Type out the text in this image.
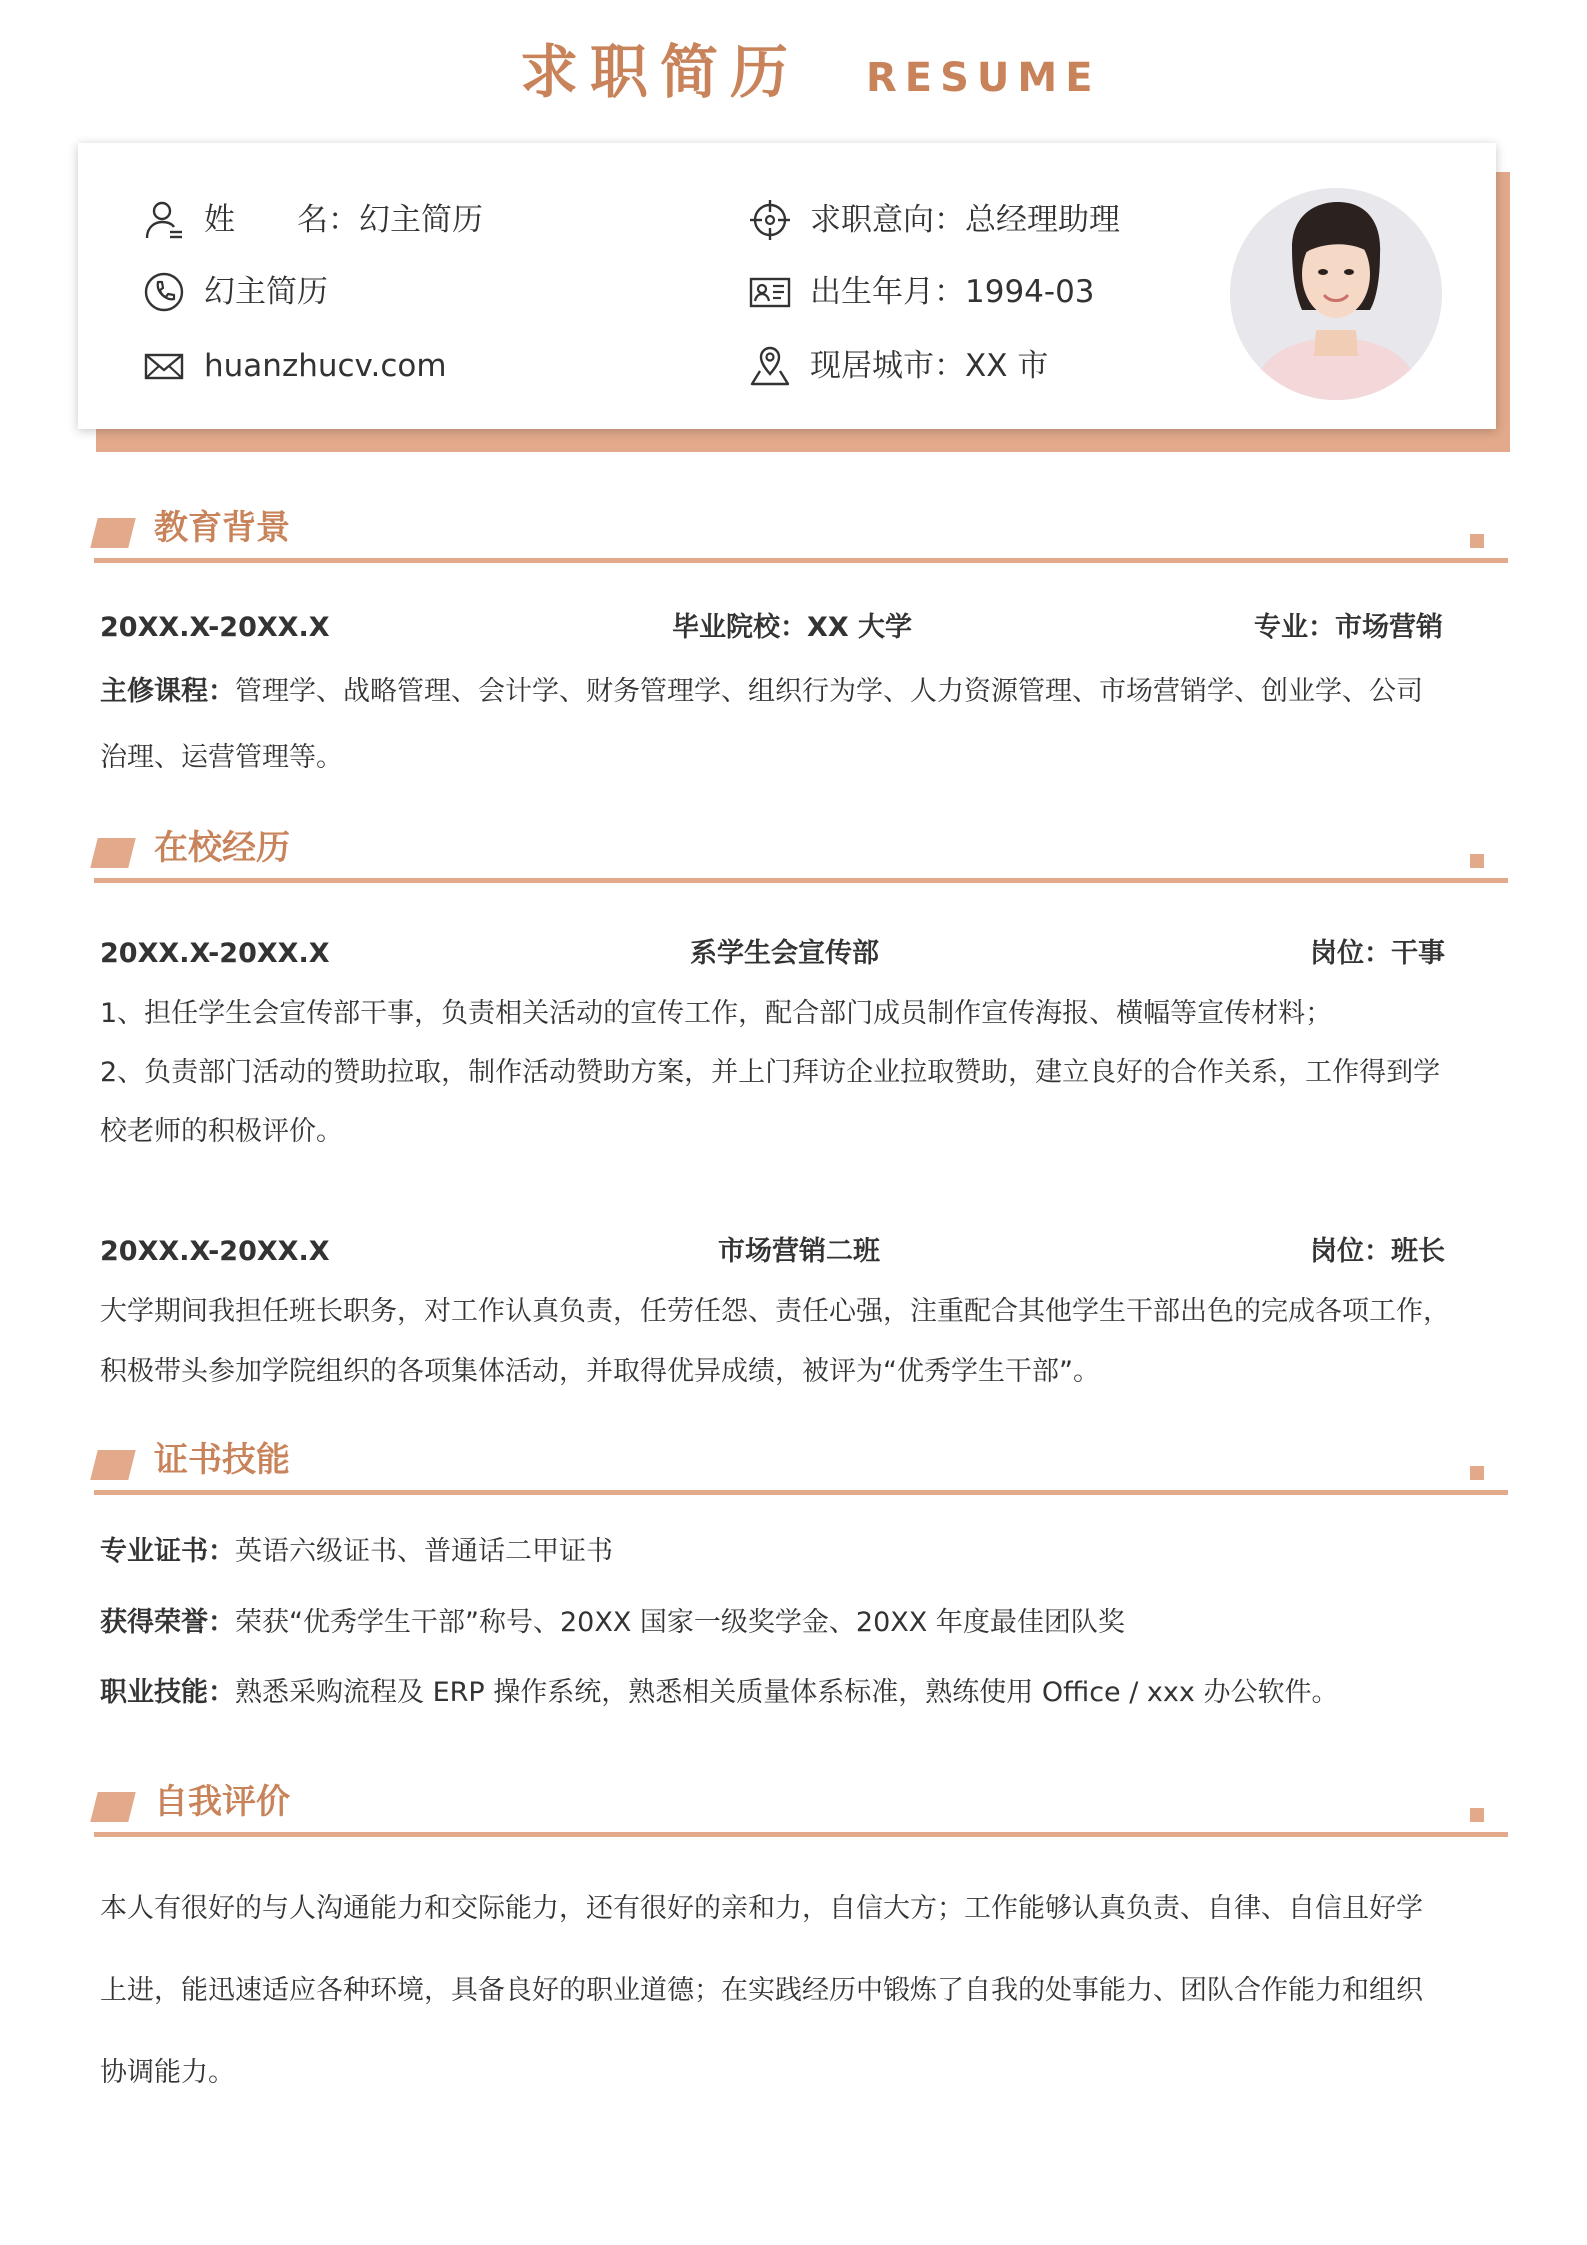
求职简历 RESUME
姓　　名： 幻主简历
幻主简历
huanzhucv.com
求职意向： 总经理助理
出生年月： 1994-03
现居城市： XX 市
教育背景
20XX.X-20XX.X	毕业院校：XX 大学	专业：市场营销
主修课程：管理学、战略管理、会计学、财务管理学、组织行为学、人力资源管理、市场营销学、创业学、公司
治理、运营管理等。
在校经历
20XX.X-20XX.X	系学生会宣传部	岗位：干事
1、担任学生会宣传部干事，负责相关活动的宣传工作，配合部门成员制作宣传海报、横幅等宣传材料；
2、负责部门活动的赞助拉取，制作活动赞助方案，并上门拜访企业拉取赞助，建立良好的合作关系，工作得到学
校老师的积极评价。
20XX.X-20XX.X	市场营销二班	岗位：班长
大学期间我担任班长职务，对工作认真负责，任劳任怨、责任心强，注重配合其他学生干部出色的完成各项工作，
积极带头参加学院组织的各项集体活动，并取得优异成绩，被评为“优秀学生干部”。
证书技能
专业证书：英语六级证书、普通话二甲证书
获得荣誉：荣获“优秀学生干部”称号、20XX 国家一级奖学金、20XX 年度最佳团队奖
职业技能：熟悉采购流程及 ERP 操作系统，熟悉相关质量体系标准，熟练使用 Office / xxx 办公软件。
自我评价
本人有很好的与人沟通能力和交际能力，还有很好的亲和力，自信大方；工作能够认真负责、自律、自信且好学
上进，能迅速适应各种环境，具备良好的职业道德；在实践经历中锻炼了自我的处事能力、团队合作能力和组织
协调能力。
